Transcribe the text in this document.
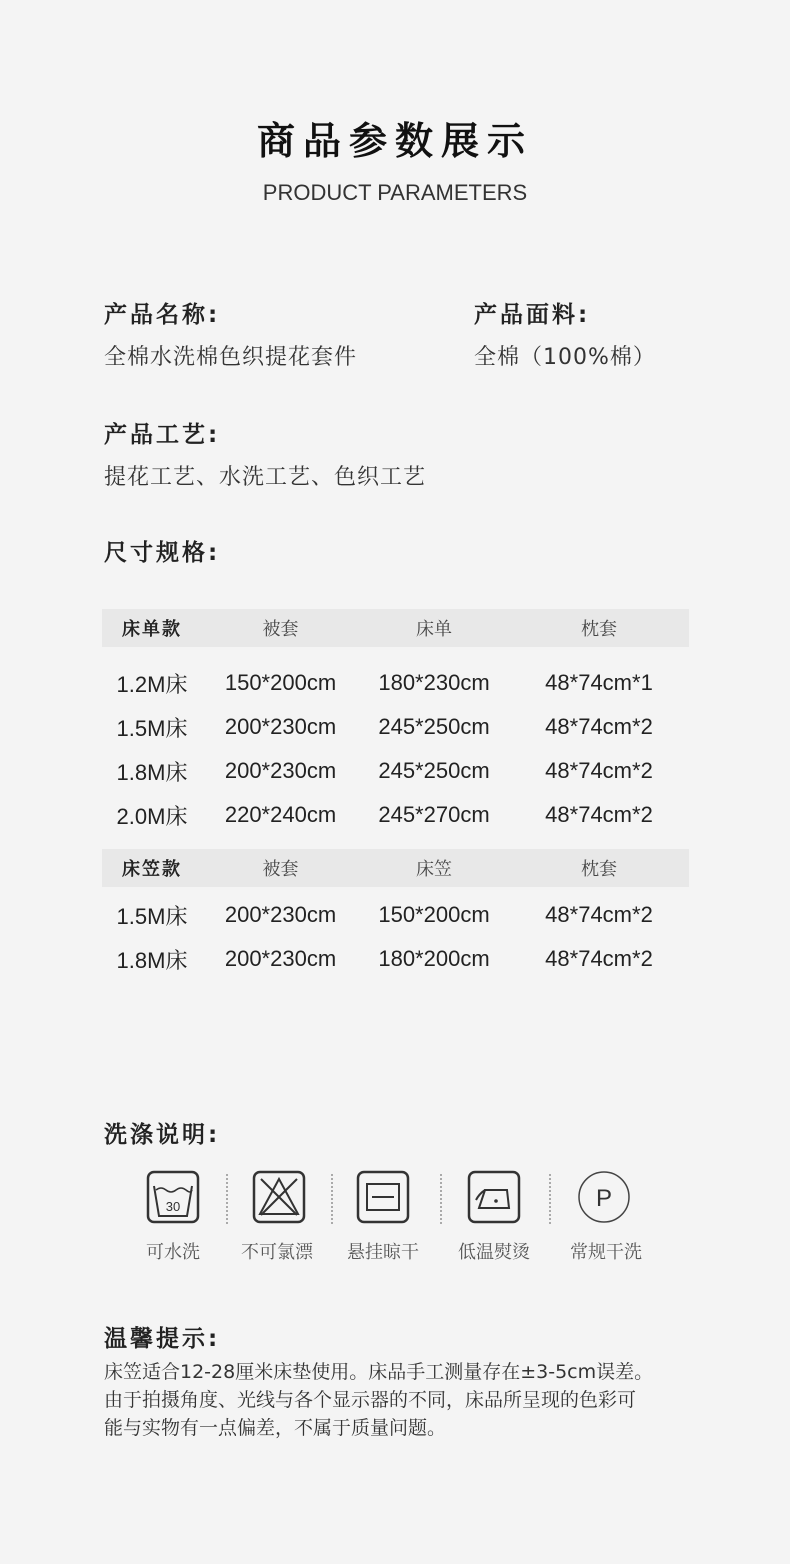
商品参数展示
PRODUCT PARAMETERS
产品名称:
全棉水洗棉色织提花套件
产品面料:
全棉（100%棉）
产品工艺:
提花工艺、水洗工艺、色织工艺
尺寸规格:
床单款	被套	床单	枕套
1.2M床	150*200cm	180*230cm	48*74cm*1
1.5M床	200*230cm	245*250cm	48*74cm*2
1.8M床	200*230cm	245*250cm	48*74cm*2
2.0M床	220*240cm	245*270cm	48*74cm*2
床笠款	被套	床笠	枕套
1.5M床	200*230cm	150*200cm	48*74cm*2
1.8M床	200*230cm	180*200cm	48*74cm*2
洗涤说明:
30	P
可水洗	不可氯漂	悬挂晾干	低温熨烫	常规干洗
温馨提示:
床笠适合12-28厘米床垫使用。床品手工测量存在±3-5cm误差。
由于拍摄角度、光线与各个显示器的不同，床品所呈现的色彩可
能与实物有一点偏差，不属于质量问题。
